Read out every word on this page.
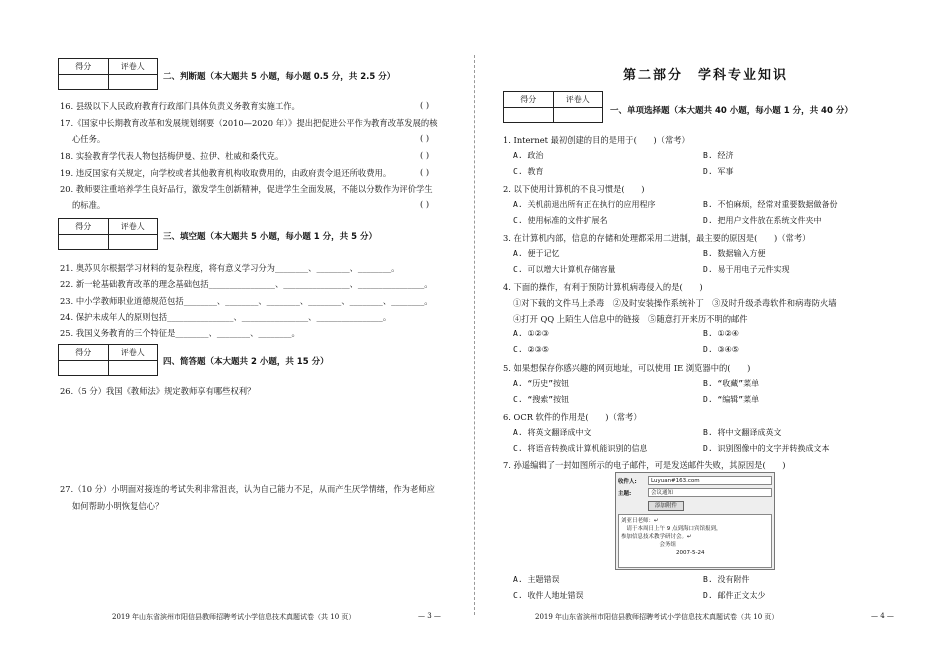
得分	评卷人
二、判断题（本大题共 5 小题，每小题 0.5 分，共 2.5 分）
16. 县级以下人民政府教育行政部门具体负责义务教育实施工作。	( )
17.《国家中长期教育改革和发展规划纲要（2010—2020 年）》提出把促进公平作为教育改革发展的核
心任务。	( )
18. 实验教育学代表人物包括梅伊曼、拉伊、杜威和桑代克。	( )
19. 违反国家有关规定，向学校或者其他教育机构收取费用的，由政府责令退还所收费用。	( )
20. 教师要注重培养学生良好品行，激发学生创新精神，促进学生全面发展，不能以分数作为评价学生
的标准。	( )
得分	评卷人
三、填空题（本大题共 5 小题，每小题 1 分，共 5 分）
21. 奥苏贝尔根据学习材料的复杂程度，将有意义学习分为________、________、________。
22. 新一轮基础教育改革的理念基础包括________________、________________、________________。
23. 中小学教师职业道德规范包括________、________、________、________、________、________。
24. 保护未成年人的原则包括________________、________________、________________。
25. 我国义务教育的三个特征是________、________、________。
得分	评卷人
四、简答题（本大题共 2 小题，共 15 分）
26.（5 分）我国《教师法》规定教师享有哪些权利？
27.（10 分）小明面对接连的考试失利非常沮丧，认为自己能力不足，从而产生厌学情绪，作为老师应
如何帮助小明恢复信心？
2019 年山东省滨州市阳信县教师招聘考试小学信息技术真题试卷（共 10 页）	— 3 —
第二部分　学科专业知识
得分	评卷人
一、单项选择题（本大题共 40 小题，每小题 1 分，共 40 分）
1. Internet 最初创建的目的是用于(　　)（常考）
A. 政治	B. 经济
C. 教育	D. 军事
2. 以下使用计算机的不良习惯是(　　)
A. 关机前退出所有正在执行的应用程序	B. 不怕麻烦，经常对重要数据做备份
C. 使用标准的文件扩展名	D. 把用户文件放在系统文件夹中
3. 在计算机内部，信息的存储和处理都采用二进制，最主要的原因是(　　)（常考）
A. 便于记忆	B. 数据输入方便
C. 可以增大计算机存储容量	D. 易于用电子元件实现
4. 下面的操作，有利于预防计算机病毒侵入的是(　　)
①对下载的文件马上杀毒　②及时安装操作系统补丁　③及时升级杀毒软件和病毒防火墙
④打开 QQ 上陌生人信息中的链接　⑤随意打开来历不明的邮件
A. ①②③	B. ①②④
C. ②③⑤	D. ③④⑤
5. 如果想保存你感兴趣的网页地址，可以使用 IE 浏览器中的(　　)
A. “历史”按钮	B. “收藏”菜单
C. “搜索”按钮	D. “编辑”菜单
6. OCR 软件的作用是(　　)（常考）
A. 将英文翻译成中文	B. 将中文翻译成英文
C. 将语音转换成计算机能识别的信息	D. 识别图像中的文字并转换成文本
7. 孙遥编辑了一封如图所示的电子邮件，可是发送邮件失败，其原因是(　　)
收件人:	Luyuan#163.com
主题:	会议通知
添加附件
刘亚日老师：↵
　请于本周日上午 9 点到海口宾馆报到，
参加信息技术教学研讨会。↵
　　　　　　　会务组
　　　　　　　　　　2007-5-24
A. 主题错误	B. 没有附件
C. 收件人地址错误	D. 邮件正文太少
2019 年山东省滨州市阳信县教师招聘考试小学信息技术真题试卷（共 10 页）	— 4 —
